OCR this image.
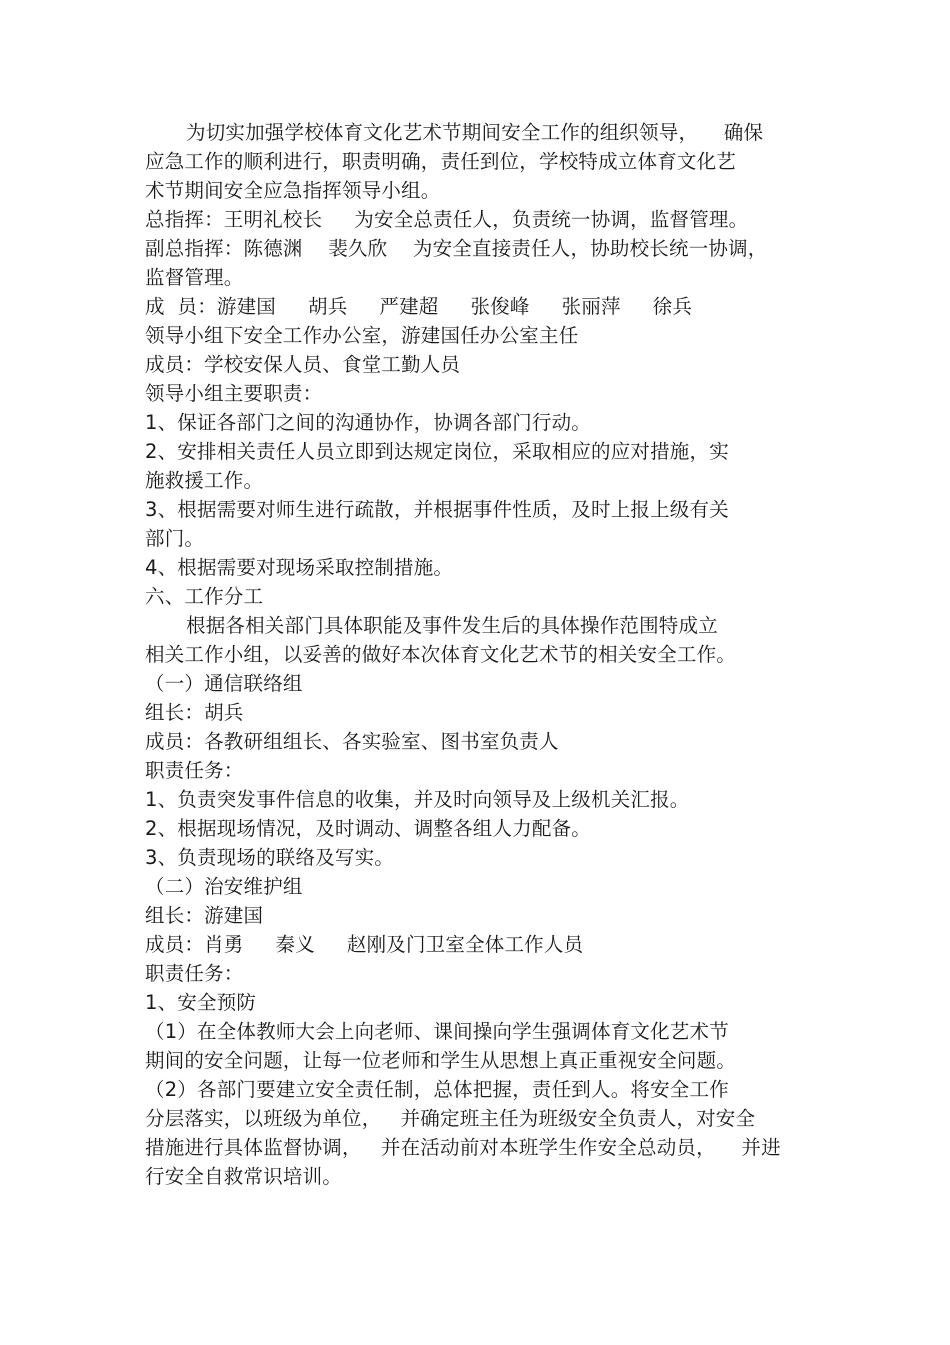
为切实加强学校体育文化艺术节期间安全工作的组织领导，    确保
应急工作的顺利进行，职责明确，责任到位，学校特成立体育文化艺
术节期间安全应急指挥领导小组。
总指挥：王明礼校长     为安全总责任人，负责统一协调，监督管理。
副总指挥：陈德渊    裴久欣    为安全直接责任人，协助校长统一协调，
监督管理。
成  员：游建国     胡兵     严建超     张俊峰     张丽萍     徐兵
领导小组下安全工作办公室，游建国任办公室主任
成员：学校安保人员、食堂工勤人员
领导小组主要职责：
1、保证各部门之间的沟通协作，协调各部门行动。
2、安排相关责任人员立即到达规定岗位，采取相应的应对措施，实
施救援工作。
3、根据需要对师生进行疏散，并根据事件性质，及时上报上级有关
部门。
4、根据需要对现场采取控制措施。
六、工作分工
根据各相关部门具体职能及事件发生后的具体操作范围特成立
相关工作小组，以妥善的做好本次体育文化艺术节的相关安全工作。
（一）通信联络组
组长：胡兵
成员：各教研组组长、各实验室、图书室负责人
职责任务：
1、负责突发事件信息的收集，并及时向领导及上级机关汇报。
2、根据现场情况，及时调动、调整各组人力配备。
3、负责现场的联络及写实。
（二）治安维护组
组长：游建国
成员：肖勇     秦义     赵刚及门卫室全体工作人员
职责任务：
1、安全预防
（1）在全体教师大会上向老师、课间操向学生强调体育文化艺术节
期间的安全问题，让每一位老师和学生从思想上真正重视安全问题。
（2）各部门要建立安全责任制，总体把握，责任到人。将安全工作
分层落实，以班级为单位，   并确定班主任为班级安全负责人，对安全
措施进行具体监督协调，   并在活动前对本班学生作安全总动员，    并进
行安全自救常识培训。
